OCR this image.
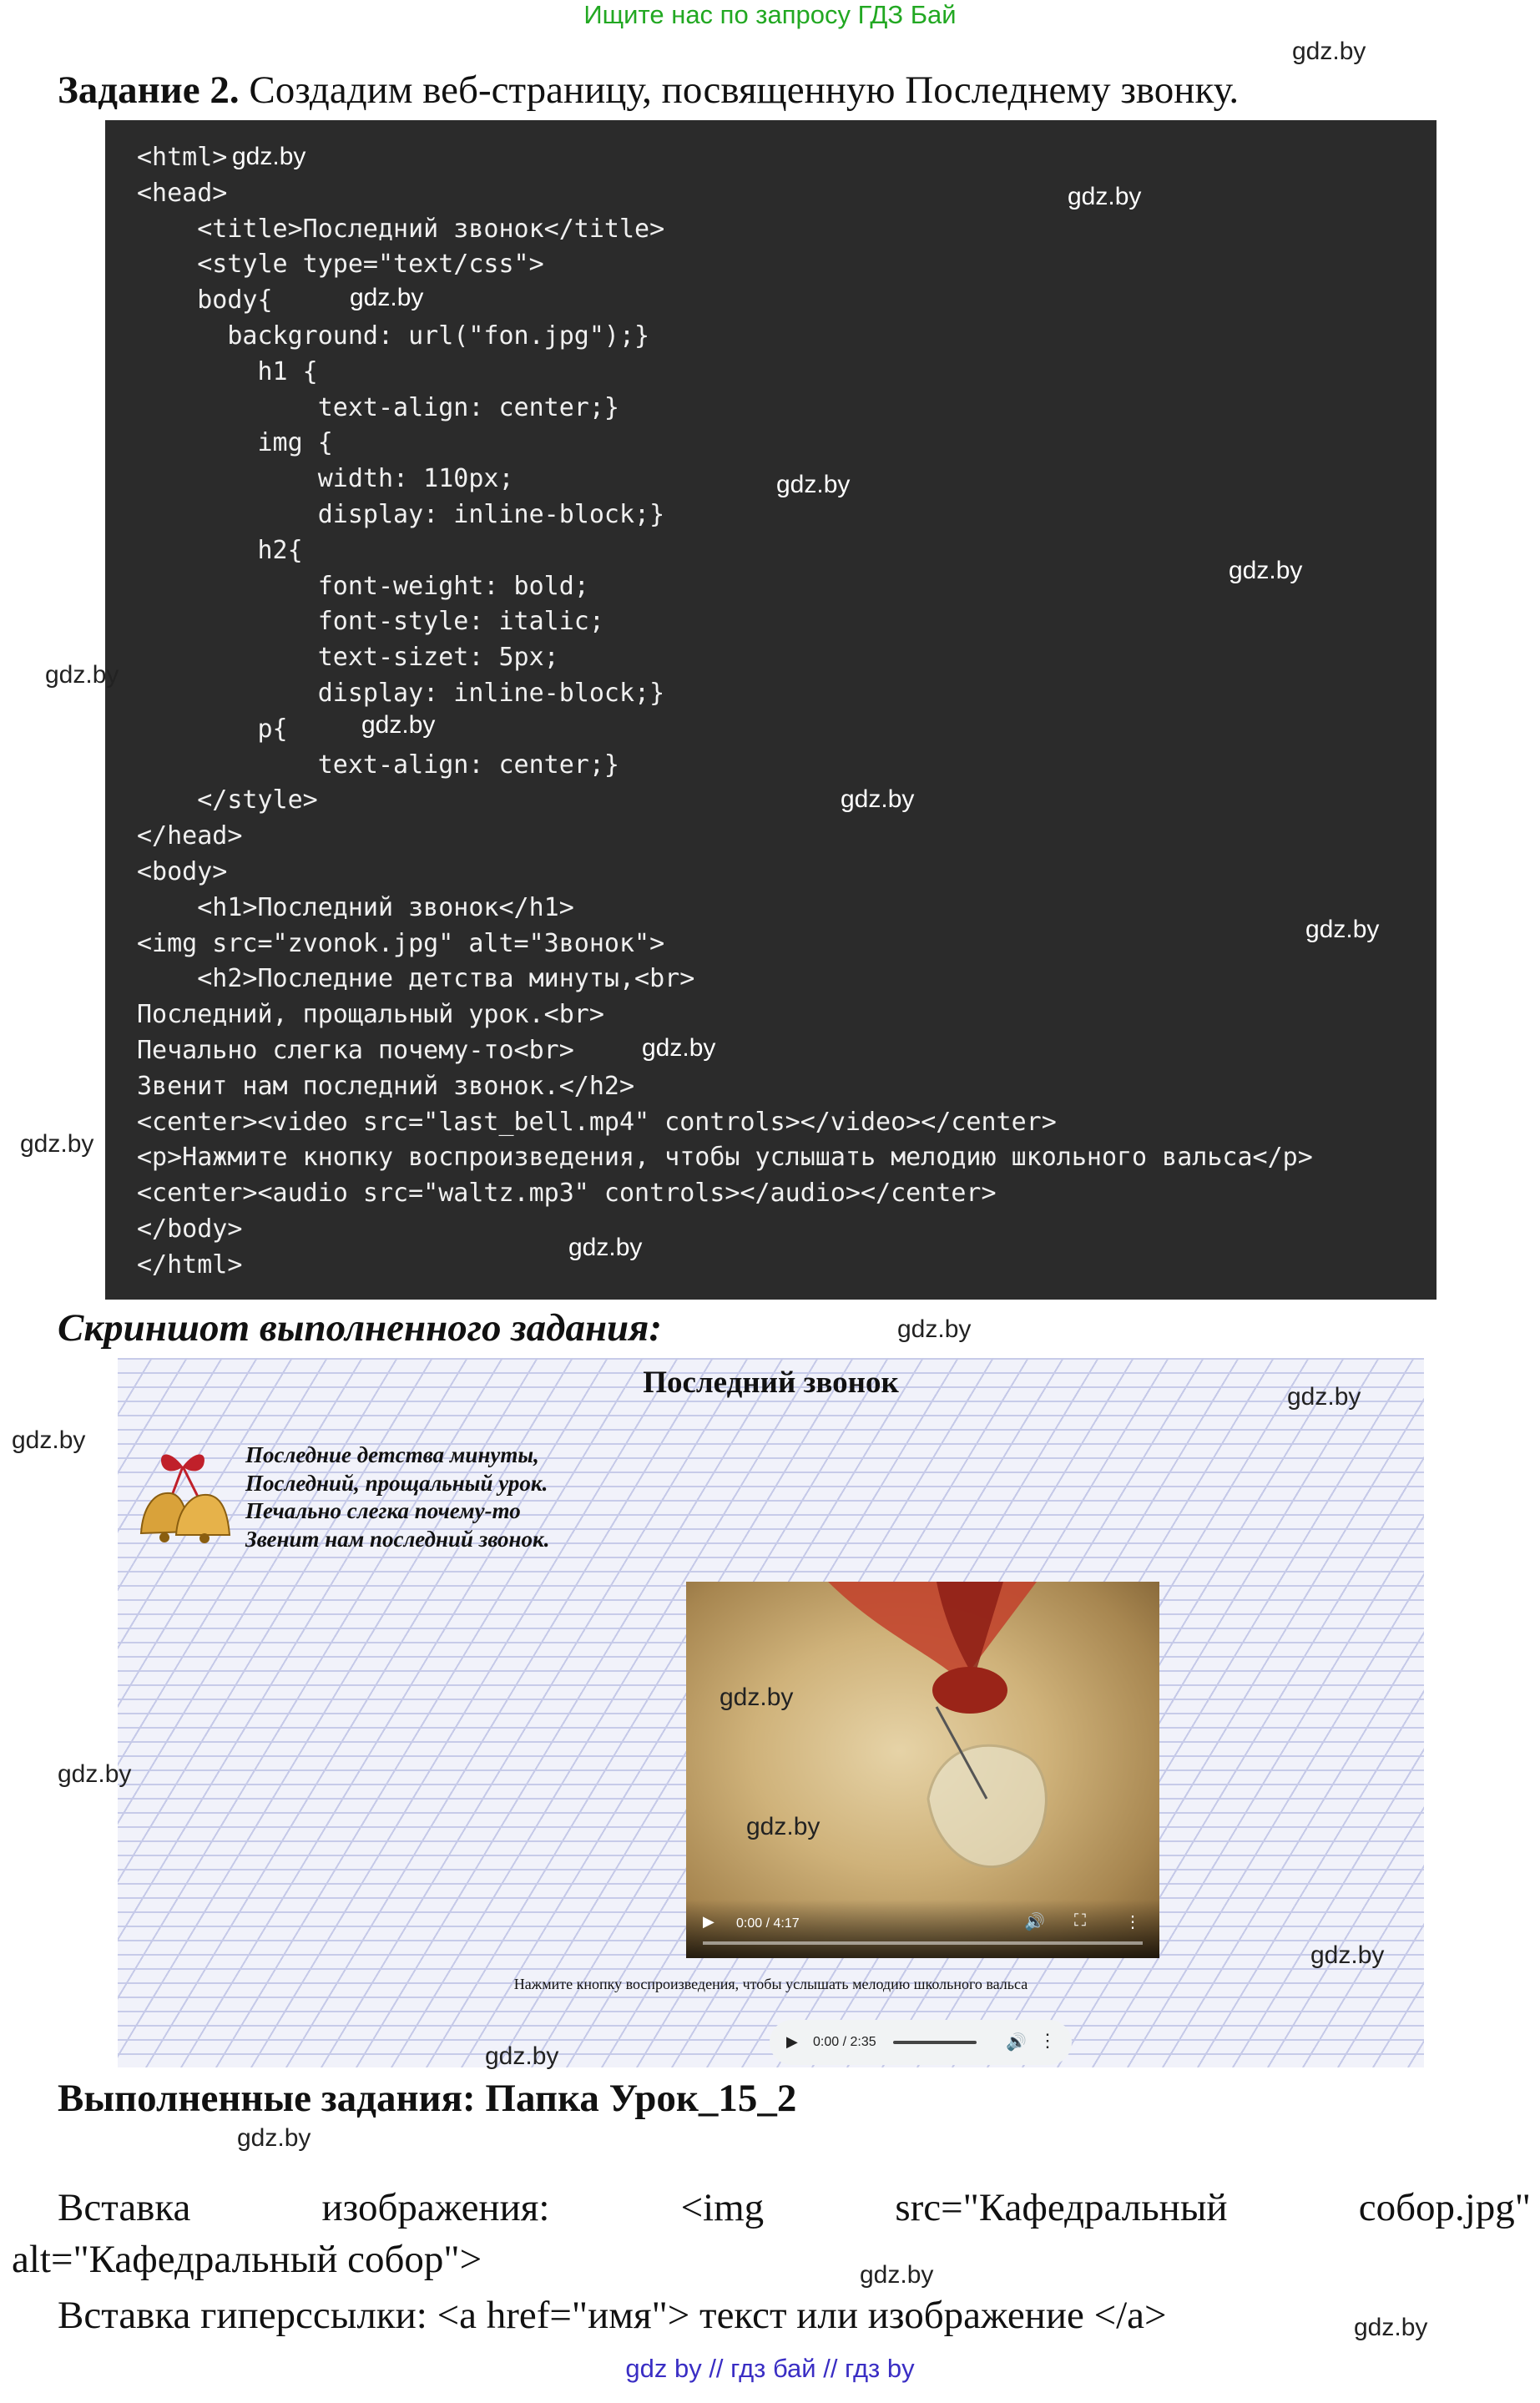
Ищите нас по запросу ГДЗ Бай
Задание 2. Создадим веб-страницу, посвященную Последнему звонку.
<html>
<head>
<title>Последний звонок</title>
<style type="text/css">
body{
background: url("fon.jpg");}
h1 {
text-align: center;}
img {
width: 110px;
display: inline-block;}
h2{
font-weight: bold;
font-style: italic;
text-sizet: 5px;
display: inline-block;}
p{
text-align: center;}
</style>
</head>
<body>
<h1>Последний звонок</h1>
<img src="zvonok.jpg" alt="Звонок">
<h2>Последние детства минуты,<br>
Последний, прощальный урок.<br>
Печально слегка почему-то<br>
Звенит нам последний звонок.</h2>
<center><video src="last_bell.mp4" controls></video></center>
<p>Нажмите кнопку воспроизведения, чтобы услышать мелодию школьного вальса</p>
<center><audio src="waltz.mp3" controls></audio></center>
</body>
</html>
Скриншот выполненного задания:
Последний звонок
Последние детства минуты,
Последний, прощальный урок.
Печально слегка почему-то
Звенит нам последний звонок.
▶ 0:00 / 4:17	🔊 ⛶ ⋮
Нажмите кнопку воспроизведения, чтобы услышать мелодию школьного вальса
▶ 0:00 / 2:35	🔊 ⋮
Выполненные задания: Папка Урок_15_2
Вставка	изображения:	<img	src="Кафедральный	собор.jpg"
alt="Кафедральный собор">
Вставка гиперссылки: <a href="имя"> текст или изображение </a>
gdz by // гдз бай // гдз by
gdz.by
gdz.by
gdz.by
gdz.by
gdz.by
gdz.by
gdz.by
gdz.by
gdz.by
gdz.by
gdz.by
gdz.by
gdz.by
gdz.by
gdz.by
gdz.by
gdz.by
gdz.by
gdz.by
gdz.by
gdz.by
gdz.by
gdz.by
gdz.by
